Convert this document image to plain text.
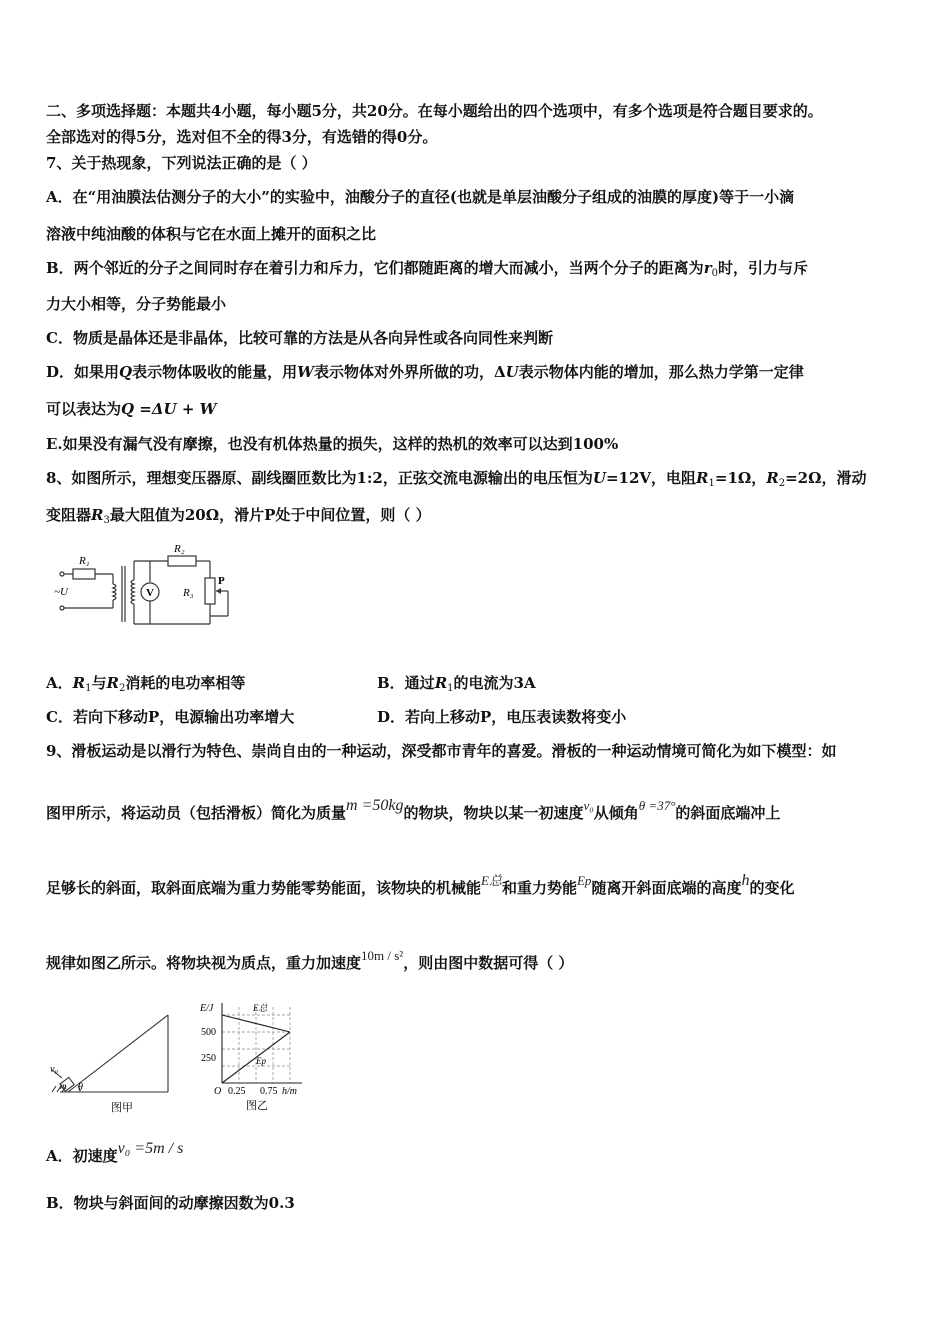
二、多项选择题：本题共4小题，每小题5分，共20分。在每小题给出的四个选项中，有多个选项是符合题目要求的。
全部选对的得5分，选对但不全的得3分，有选错的得0分。
7、关于热现象，下列说法正确的是（ ）
A．在“用油膜法估测分子的大小”的实验中，油酸分子的直径(也就是单层油酸分子组成的油膜的厚度)等于一小滴
溶液中纯油酸的体积与它在水面上摊开的面积之比
B．两个邻近的分子之间同时存在着引力和斥力，它们都随距离的增大而减小，当两个分子的距离为$r_0$时，引力与斥
力大小相等，分子势能最小
C．物质是晶体还是非晶体，比较可靠的方法是从各向异性或各向同性来判断
D．如果用Q表示物体吸收的能量，用W表示物体对外界所做的功，ΔU表示物体内能的增加，那么热力学第一定律
可以表达为Q =ΔU + W
E.如果没有漏气没有摩擦，也没有机体热量的损失，这样的热机的效率可以达到100%
8、如图所示，理想变压器原、副线圈匝数比为1:2，正弦交流电源输出的电压恒为U=12V，电阻$R_1=1\Omega$，$R_2=2\Omega$，滑动
变阻器$R_3$最大阻值为20Ω，滑片P处于中间位置，则（ ）
R₁
R₂
R₃
~U	V
P
A．$R_1$与$R_2$消耗的电功率相等	B．通过$R_1$的电流为3A
C．若向下移动P，电源输出功率增大	D．若向上移动P，电压表读数将变小
9、滑板运动是以滑行为特色、崇尚自由的一种运动，深受都市青年的喜爱。滑板的一种运动情境可简化为如下模型：如
图甲所示，将运动员（包括滑板）简化为质量m =50kg的物块，物块以某一初速度v₀从倾角θ =37°的斜面底端冲上
足够长的斜面，取斜面底端为重力势能零势能面，该物块的机械能E总和重力势能Ep随离开斜面底端的高度h的变化
规律如图乙所示。将物块视为质点，重力加速度10m / s²，则由图中数据可得（ ）
v₀
m θ
图甲
E/J
500
250
O 0.25 0.75 h/m
E总
Ep
图乙
A．初速度v₀ =5m / s
B．物块与斜面间的动摩擦因数为0.3
